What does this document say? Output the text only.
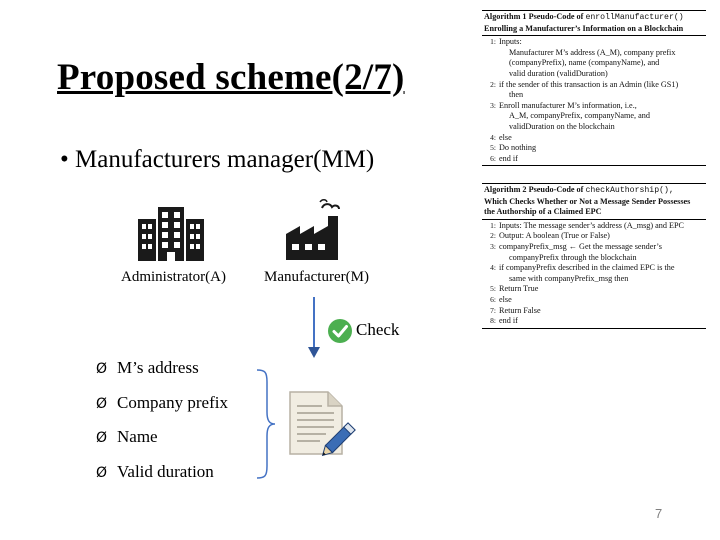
Proposed scheme(2/7)
• Manufacturers manager(MM)
Administrator(A)	Manufacturer(M)
Check
Ø M’s address
Ø Company prefix
Ø Name
Ø Valid duration
Algorithm 1 Pseudo-Code of enrollManufacturer()
Enrolling a Manufacturer’s Information on a Blockchain
1: Inputs:
Manufacturer M’s address (A_M), company prefix
(companyPrefix), name (companyName), and
valid duration (validDuration)
2: if the sender of this transaction is an Admin (like GS1)
then
3: Enroll manufacturer M’s information, i.e.,
A_M, companyPrefix, companyName, and
validDuration on the blockchain
4: else
5: Do nothing
6: end if
Algorithm 2 Pseudo-Code of checkAuthorship(),
Which Checks Whether or Not a Message Sender Possesses
the Authorship of a Claimed EPC
1: Inputs: The message sender’s address (A_msg) and EPC
2: Output: A boolean (True or False)
3: companyPrefix_msg ← Get the message sender’s
companyPrefix through the blockchain
4: if companyPrefix described in the claimed EPC is the
same with companyPrefix_msg then
5: Return True
6: else
7: Return False
8: end if
7
